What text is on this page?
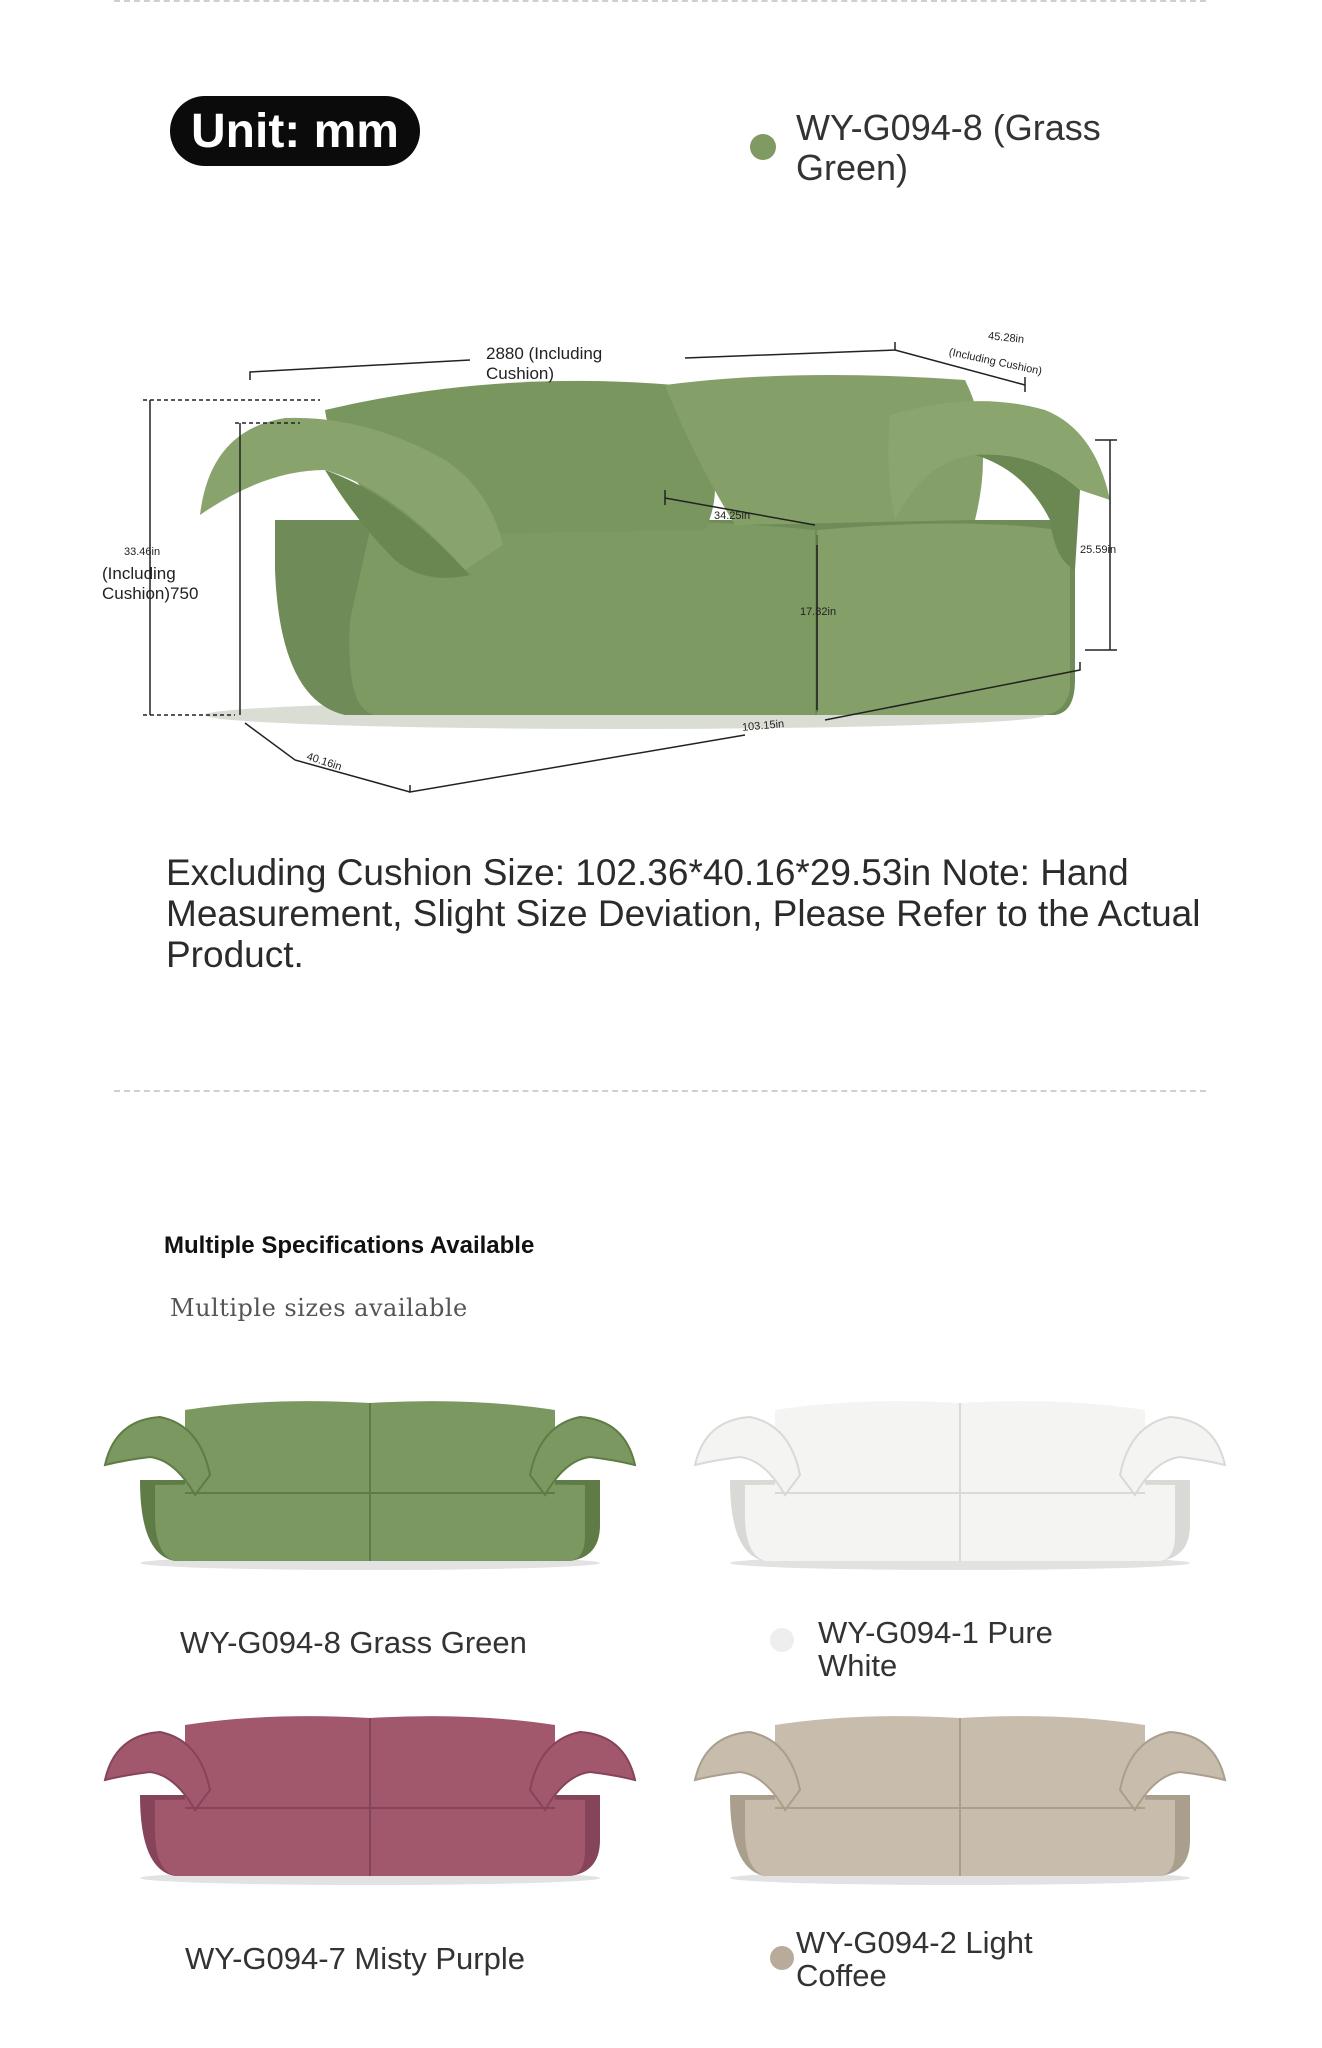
Unit: mm	WY-G094-8 (Grass Green)
2880 (Including Cushion)
45.28in
(Including Cushion)
33.46in
(Including Cushion)750
34.25in
25.59in
17.32in
103.15in
40.16in
Excluding Cushion Size: 102.36*40.16*29.53in Note: Hand Measurement, Slight Size Deviation, Please Refer to the Actual Product.
Multiple Specifications Available
Multiple sizes available
WY-G094-8 Grass Green	WY-G094-1 Pure White
WY-G094-7 Misty Purple	WY-G094-2 Light Coffee
